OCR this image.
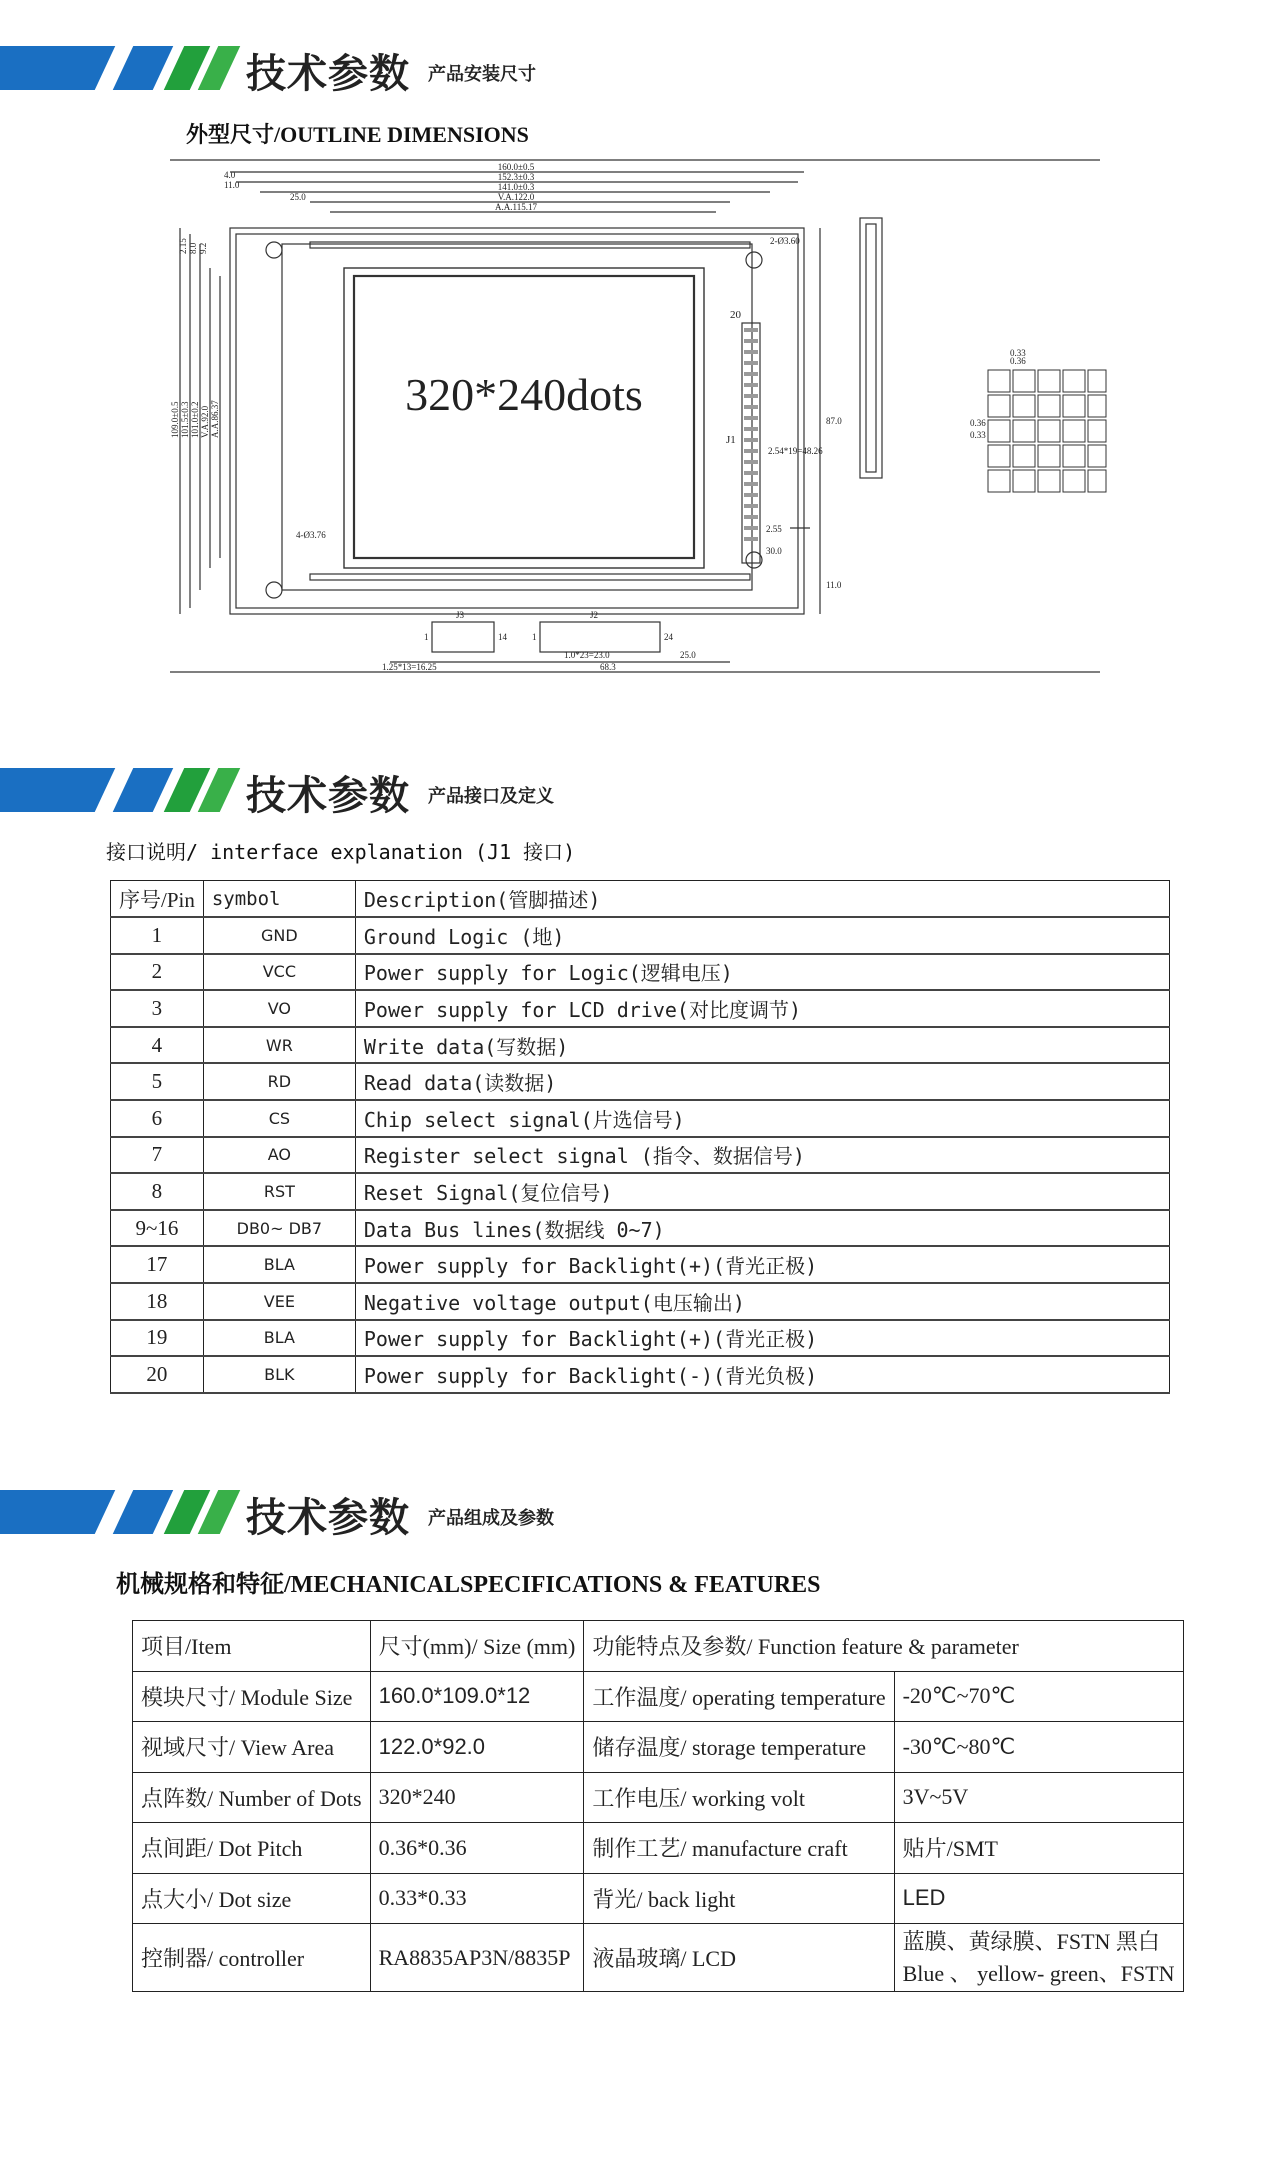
技术参数 产品安装尺寸
外型尺寸/OUTLINE DIMENSIONS
320*240dots
160.0±0.5
152.3±0.3
141.0±0.3
V.A.122.0
A.A.115.17
4.0
11.0
25.0
2-Ø3.60
4-Ø3.76
20
J1
2.54*19=48.26
87.0
2.55
30.0
11.0
J3
1	14
J2
1	24
1.25*13=16.25
1.0*23=23.0	25.0
68.3
0.36
0.33
0.36
0.33
109.0±0.5 101.5±0.3 101.0±0.2 V.A.92.0 A.A.86.37
2.15 8.0 9.2
技术参数 产品接口及定义
接口说明/ interface explanation (J1 接口)
序号/Pin	symbol	Description(管脚描述)
1	GND	Ground Logic (地)
2	VCC	Power supply for Logic(逻辑电压)
3	VO	Power supply for LCD drive(对比度调节)
4	WR	Write data(写数据)
5	RD	Read data(读数据)
6	CS	Chip select signal(片选信号)
7	AO	Register select signal (指令、数据信号)
8	RST	Reset Signal(复位信号)
9~16	DB0~ DB7	Data Bus lines(数据线 0~7)
17	BLA	Power supply for Backlight(+)(背光正极)
18	VEE	Negative voltage output(电压输出)
19	BLA	Power supply for Backlight(+)(背光正极)
20	BLK	Power supply for Backlight(-)(背光负极)
技术参数 产品组成及参数
机械规格和特征/MECHANICALSPECIFICATIONS & FEATURES
项目/Item	尺寸(mm)/ Size (mm)	功能特点及参数/ Function feature & parameter	
模块尺寸/ Module Size	160.0*109.0*12	工作温度/ operating temperature	-20℃~70℃
视域尺寸/ View Area	122.0*92.0	储存温度/ storage temperature	-30℃~80℃
点阵数/ Number of Dots	320*240	工作电压/ working volt	3V~5V
点间距/ Dot Pitch	0.36*0.36	制作工艺/ manufacture craft	贴片/SMT
点大小/ Dot size	0.33*0.33	背光/ back light	LED
控制器/ controller	RA8835AP3N/8835P	液晶玻璃/ LCD	蓝膜、黄绿膜、FSTN 黑白
Blue 、 yellow- green、FSTN
